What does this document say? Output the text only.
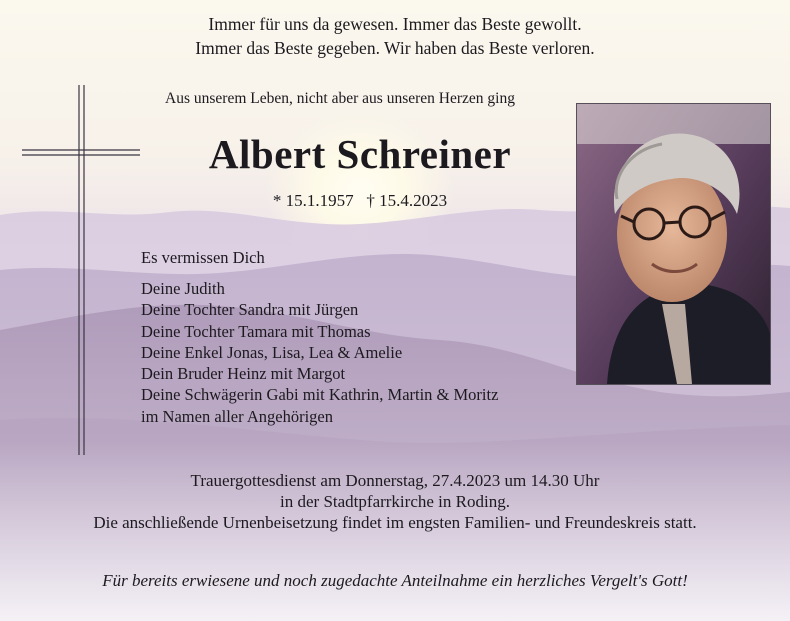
Immer für uns da gewesen. Immer das Beste gewollt.
Immer das Beste gegeben. Wir haben das Beste verloren.
Aus unserem Leben, nicht aber aus unseren Herzen ging
Albert Schreiner
* 15.1.1957   † 15.4.2023
Es vermissen Dich
Deine Judith
Deine Tochter Sandra mit Jürgen
Deine Tochter Tamara mit Thomas
Deine Enkel Jonas, Lisa, Lea & Amelie
Dein Bruder Heinz mit Margot
Deine Schwägerin Gabi mit Kathrin, Martin & Moritz
im Namen aller Angehörigen
Trauergottesdienst am Donnerstag, 27.4.2023 um 14.30 Uhr
in der Stadtpfarrkirche in Roding.
Die anschließende Urnenbeisetzung findet im engsten Familien- und Freundeskreis statt.
Für bereits erwiesene und noch zugedachte Anteilnahme ein herzliches Vergelt's Gott!
